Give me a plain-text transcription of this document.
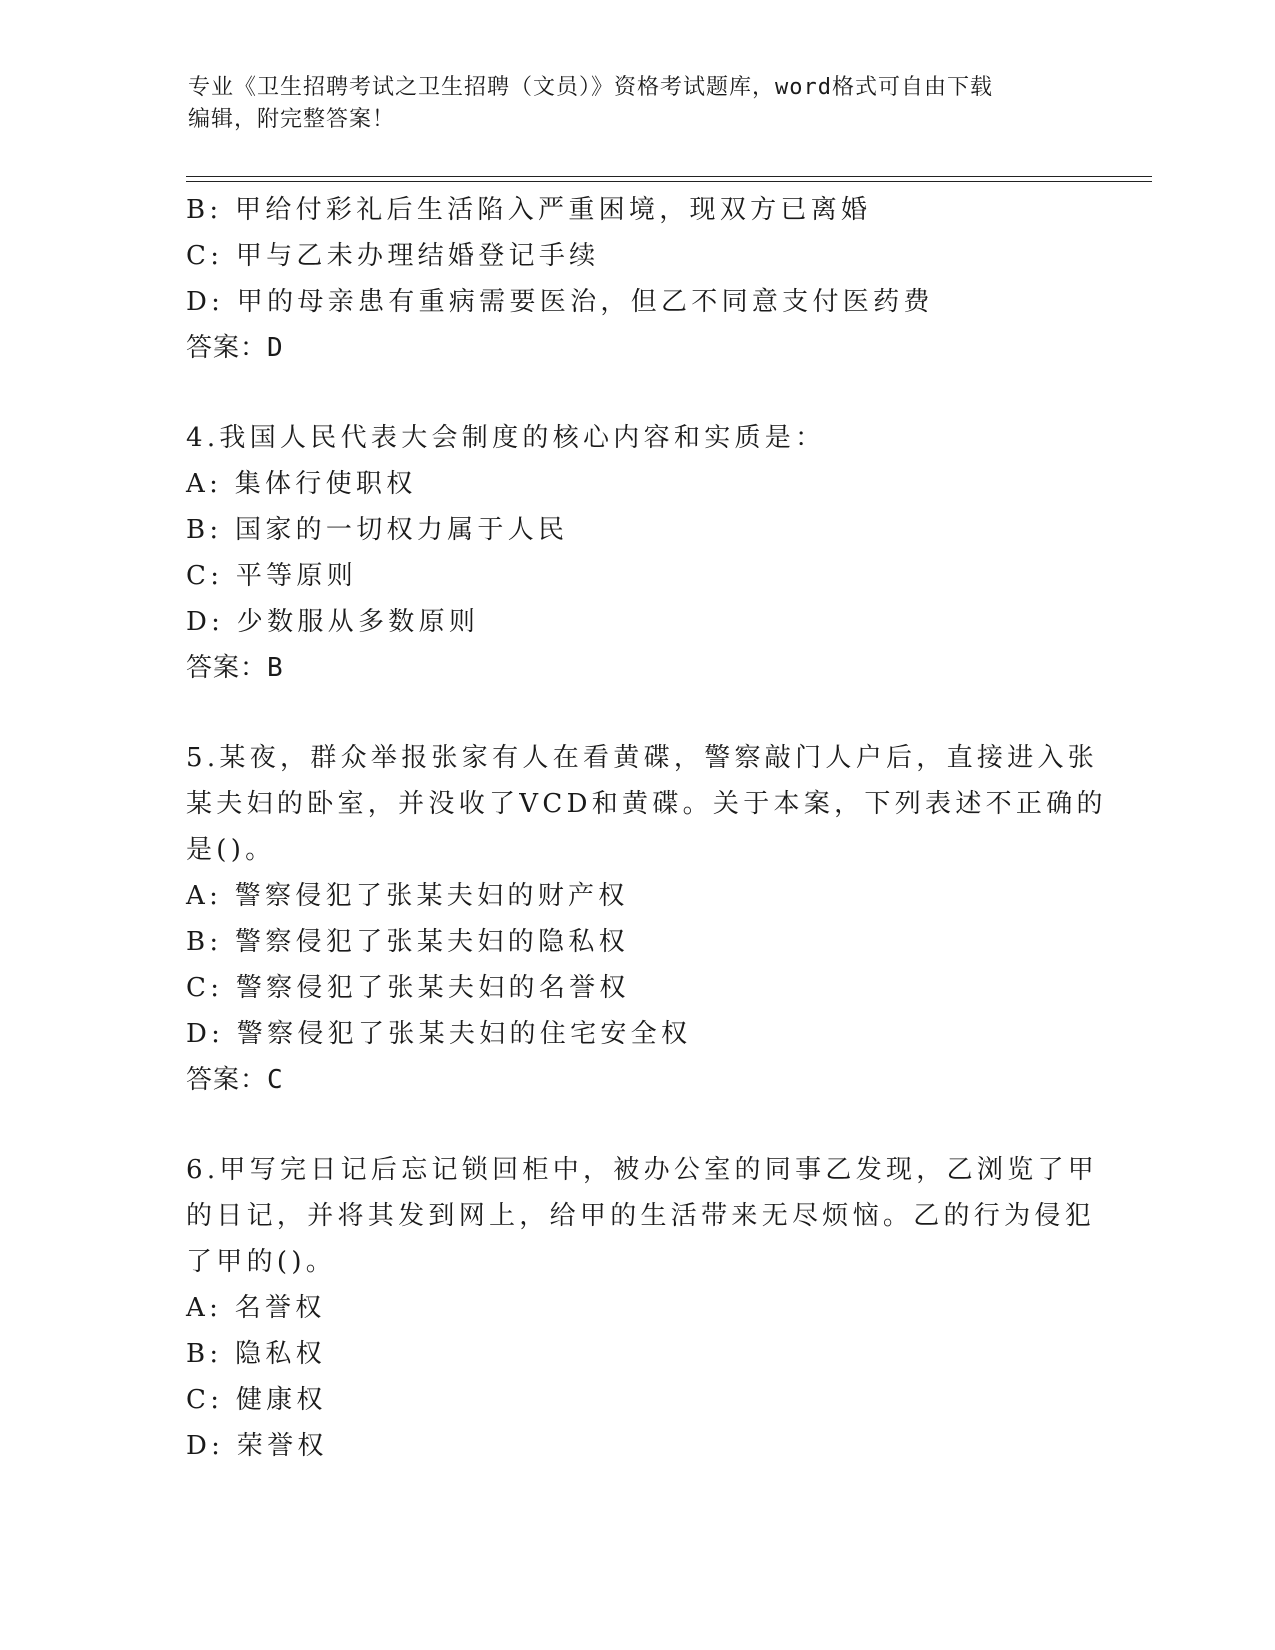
专业《卫生招聘考试之卫生招聘（文员）》资格考试题库，word格式可自由下载
编辑，附完整答案！
B: 甲给付彩礼后生活陷入严重困境，现双方已离婚
C: 甲与乙未办理结婚登记手续
D: 甲的母亲患有重病需要医治，但乙不同意支付医药费
答案：D
4.我国人民代表大会制度的核心内容和实质是：
A: 集体行使职权
B: 国家的一切权力属于人民
C: 平等原则
D: 少数服从多数原则
答案：B
5.某夜，群众举报张家有人在看黄碟，警察敲门人户后，直接进入张
某夫妇的卧室，并没收了VCD和黄碟。关于本案，下列表述不正确的
是()。
A: 警察侵犯了张某夫妇的财产权
B: 警察侵犯了张某夫妇的隐私权
C: 警察侵犯了张某夫妇的名誉权
D: 警察侵犯了张某夫妇的住宅安全权
答案：C
6.甲写完日记后忘记锁回柜中，被办公室的同事乙发现，乙浏览了甲
的日记，并将其发到网上，给甲的生活带来无尽烦恼。乙的行为侵犯
了甲的()。
A: 名誉权
B: 隐私权
C: 健康权
D: 荣誉权
